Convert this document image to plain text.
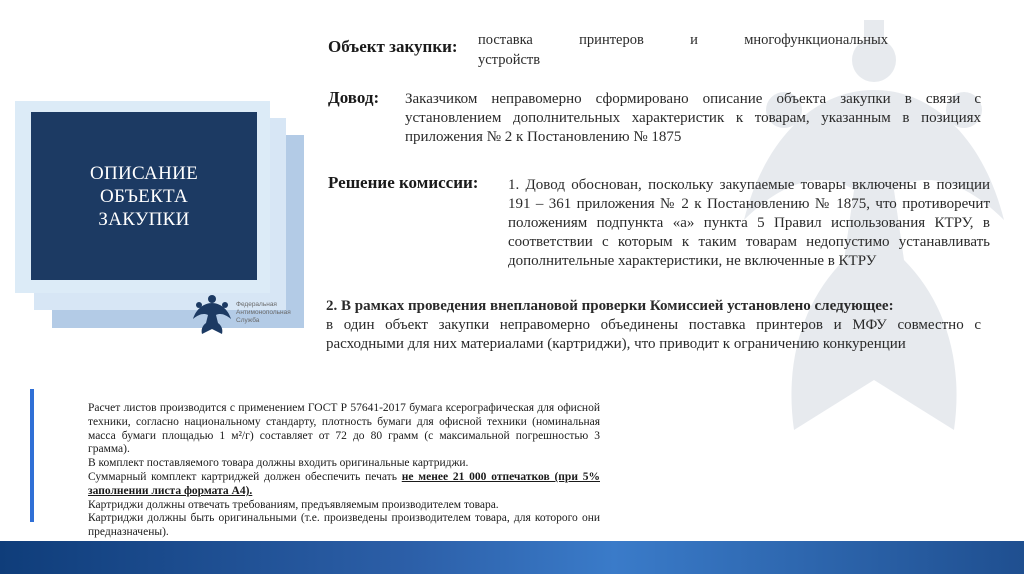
ОПИСАНИЕ
ОБЪЕКТА
ЗАКУПКИ
Федеральная
Антимонопольная
Служба
Объект закупки: поставка принтеров и многофункциональных
устройств
Довод: Заказчиком неправомерно сформировано описание объекта закупки в связи с установлением дополнительных характеристик к товарам, указанным в позициях приложения № 2 к Постановлению № 1875
Решение комиссии: 1. Довод обоснован, поскольку закупаемые товары включены в позиции 191 – 361 приложения № 2 к Постановлению № 1875, что противоречит положениям подпункта «а» пункта 5 Правил использования КТРУ, в соответствии с которым к таким товарам недопустимо устанавливать дополнительные характеристики, не включенные в КТРУ
2. В рамках проведения внеплановой проверки Комиссией установлено следующее:
в один объект закупки неправомерно объединены поставка принтеров и МФУ совместно с расходными для них материалами (картриджи), что приводит к ограничению конкуренции

Расчет листов производится с применением ГОСТ Р 57641-2017 бумага ксерографическая для офисной техники, согласно национальному стандарту, плотность бумаги для офисной техники (номинальная масса бумаги площадью 1 м²/г) составляет от 72 до 80 грамм (с максимальной погрешностью 3 грамма).

В комплект поставляемого товара должны входить оригинальные картриджи.

Суммарный комплект картриджей должен обеспечить печать не менее 21 000 отпечатков (при 5% заполнении листа формата А4).

Картриджи должны отвечать требованиям, предъявляемым производителем товара.

Картриджи должны быть оригинальными (т.е. произведены производителем товара, для которого они предназначены).
